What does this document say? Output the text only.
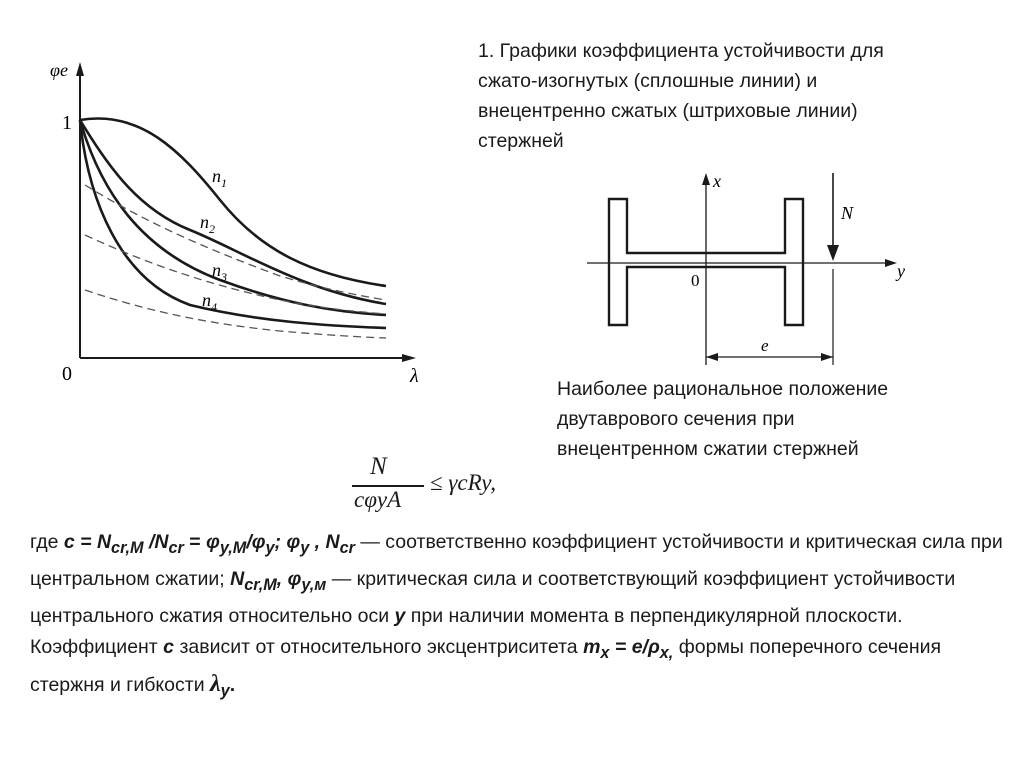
1. Графики коэффициента устойчивости для
сжато-изогнутых (сплошные линии) и
внецентренно сжатых (штриховые линии)
стержней
φe
λ
0
1
$n_1$
$n_2$
$n_3$
$n_4$
x
y
0
N
e
Наиболее рациональное положение
двутаврового сечения при
внецентренном сжатии стержней
N
cφyA
≤ γcRy,
где $c = N_{cr,M}$ $/N_{cr} = \varphi_{y,M}/\varphi_y$; $\varphi_y$ , $N_{cr}$ — соответственно коэффициент устойчивости и критическая сила при центральном сжатии; $N_{cr,M}$, $\varphi_{y,м}$ — критическая сила и соответствующий коэффициент устойчивости центрального сжатия относительно оси y при наличии момента в перпендикулярной плоскости. Коэффициент c зависит от относительного эксцентриситета $m_x = e/\rho_{x,}$ формы поперечного сечения стержня и гибкости $\lambda_y$.
